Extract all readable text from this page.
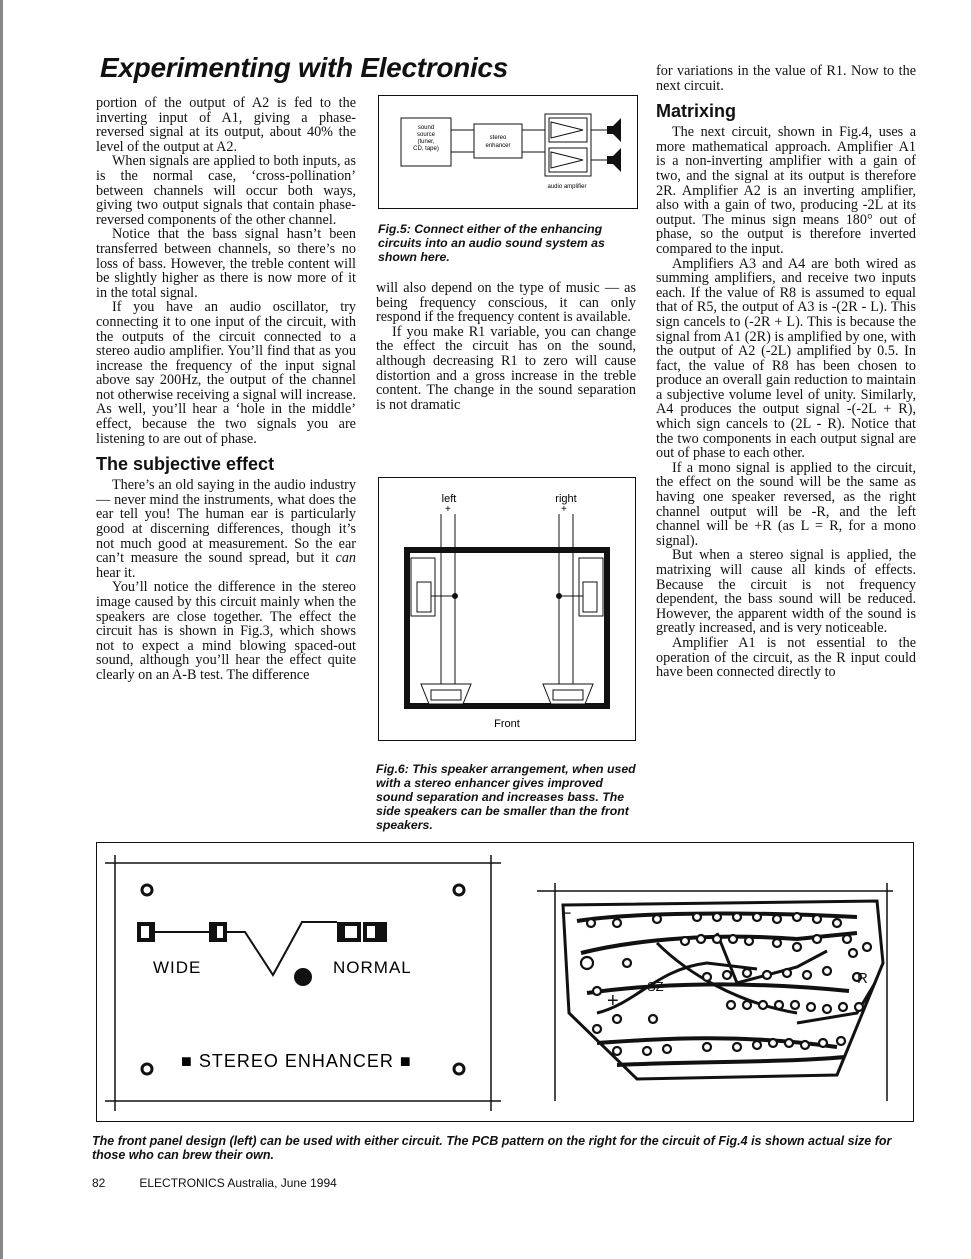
Experimenting with Electronics

portion of the output of A2 is fed to the inverting input of A1, giving a phase-reversed signal at its output, about 40% the level of the output at A2.

When signals are applied to both inputs, as is the normal case, ‘cross-pollination’ between channels will occur both ways, giving two output signals that contain phase-reversed components of the other channel.

Notice that the bass signal hasn’t been transferred between channels, so there’s no loss of bass. However, the treble content will be slightly higher as there is now more of it in the total signal.

If you have an audio oscillator, try connecting it to one input of the circuit, with the outputs of the circuit connected to a stereo audio amplifier. You’ll find that as you increase the frequency of the input signal above say 200Hz, the output of the channel not otherwise receiving a signal will increase. As well, you’ll hear a ‘hole in the middle’ effect, because the two signals you are listening to are out of phase.

The subjective effect

There’s an old saying in the audio industry — never mind the instruments, what does the ear tell you! The human ear is particularly good at discerning differences, though it’s not much good at measurement. So the ear can’t measure the sound spread, but it can hear it.

You’ll notice the difference in the stereo image caused by this circuit mainly when the speakers are close together. The effect the circuit has is shown in Fig.3, which shows not to expect a mind blowing spaced-out sound, although you’ll hear the effect quite clearly on an A-B test. The difference

sound
source
(tuner,
CD, tape)
stereo
enhancer
audio amplifier
Fig.5: Connect either of the enhancing circuits into an audio sound system as shown here.

will also depend on the type of music — as being frequency conscious, it can only respond if the frequency content is available.

If you make R1 variable, you can change the effect the circuit has on the sound, although decreasing R1 to zero will cause distortion and a gross increase in the treble content. The change in the sound separation is not dramatic

left	right
+	+
Front
Fig.6: This speaker arrangement, when used with a stereo enhancer gives improved sound separation and increases bass. The side speakers can be smaller than the front speakers.

for variations in the value of R1. Now to the next circuit.

Matrixing

The next circuit, shown in Fig.4, uses a more mathematical approach. Amplifier A1 is a non-inverting amplifier with a gain of two, and the signal at its output is therefore 2R. Amplifier A2 is an inverting amplifier, also with a gain of two, producing -2L at its output. The minus sign means 180° out of phase, so the output is therefore inverted compared to the input.

Amplifiers A3 and A4 are both wired as summing amplifiers, and receive two inputs each. If the value of R8 is assumed to equal that of R5, the output of A3 is -(2R - L). This sign cancels to (-2R + L). This is because the signal from A1 (2R) is amplified by one, with the output of A2 (-2L) amplified by 0.5. In fact, the value of R8 has been chosen to produce an overall gain reduction to maintain a subjective volume level of unity. Similarly, A4 produces the output signal -(-2L + R), which sign cancels to (2L - R). Notice that the two components in each output signal are out of phase to each other.

If a mono signal is applied to the circuit, the effect on the sound will be the same as having one speaker reversed, as the right channel output will be -R, and the left channel will be +R (as L = R, for a mono signal).

But when a stereo signal is applied, the matrixing will cause all kinds of effects. Because the circuit is not frequency dependent, the bass sound will be reduced. However, the apparent width of the sound is greatly increased, and is very noticeable.

Amplifier A1 is not essential to the operation of the circuit, as the R input could have been connected directly to

WIDE	NORMAL
■ STEREO ENHANCER ■
−
+
SZ	R
The front panel design (left) can be used with either circuit. The PCB pattern on the right for the circuit of Fig.4 is shown actual size for those who can brew their own.
82	ELECTRONICS Australia, June 1994
